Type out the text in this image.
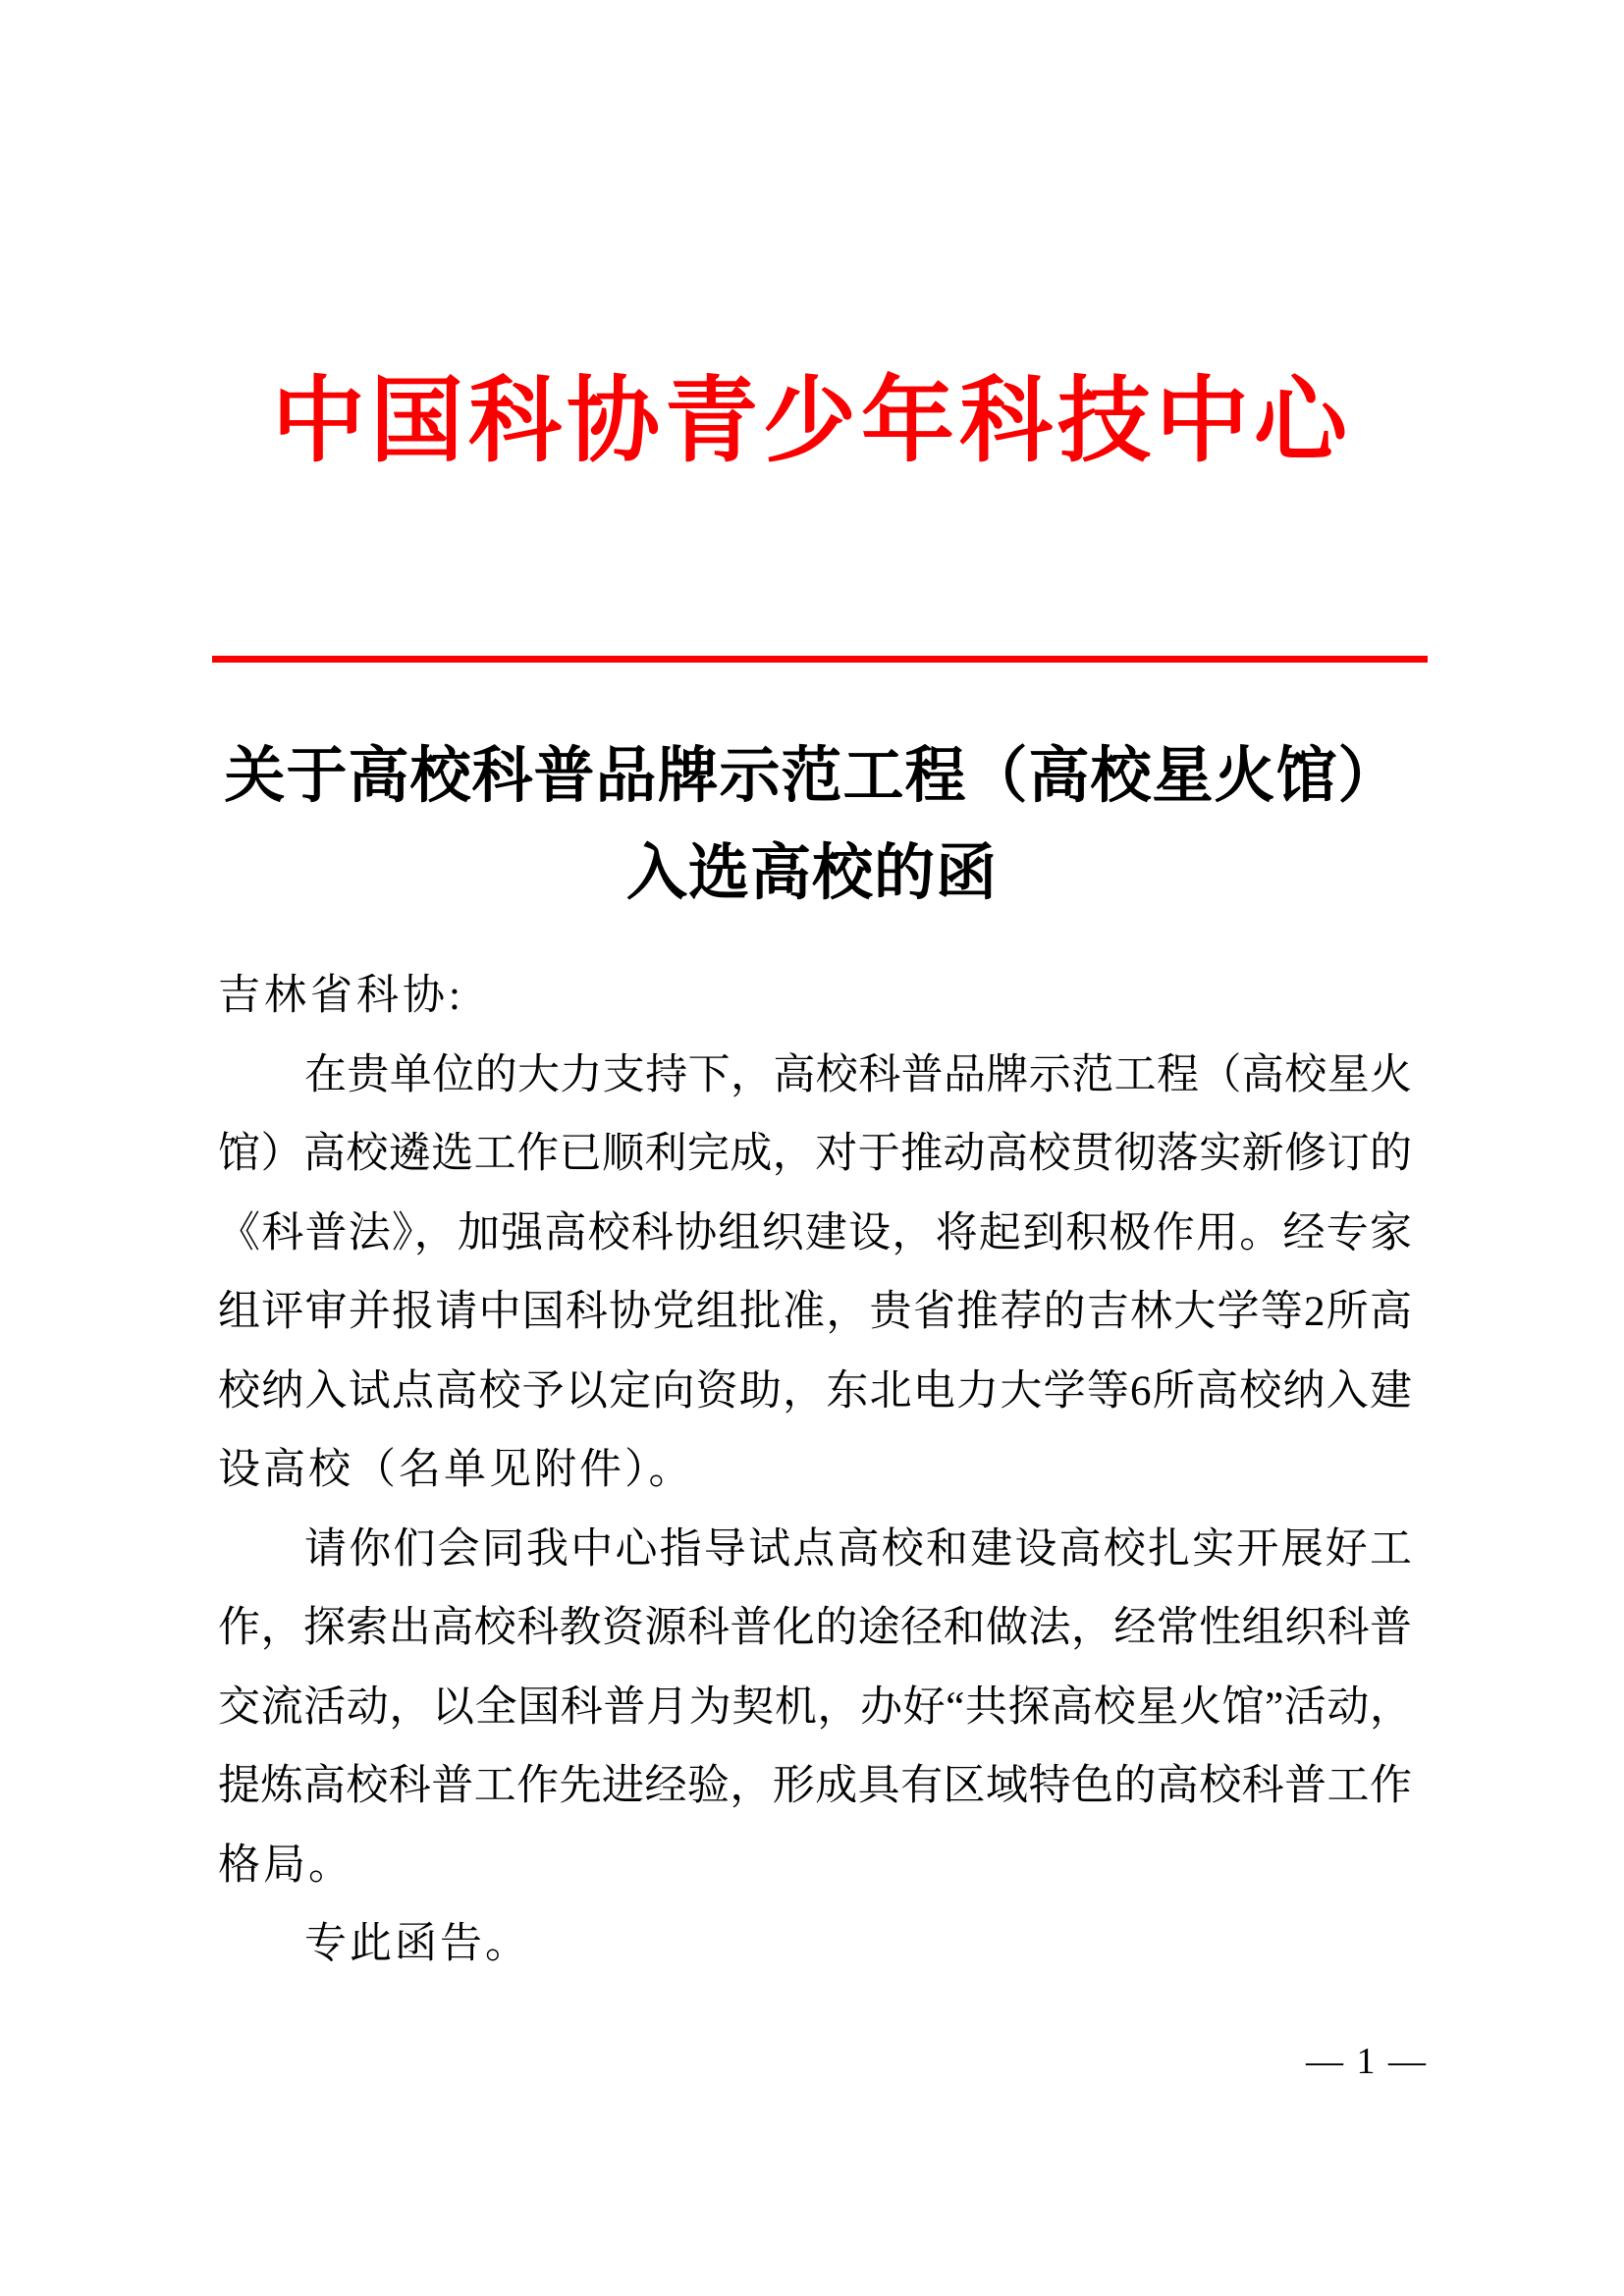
中国科协青少年科技中心
关于高校科普品牌示范工程（高校星火馆）
入选高校的函
吉林省科协:
在贵单位的大力支持下，高校科普品牌示范工程（高校星火
馆）高校遴选工作已顺利完成，对于推动高校贯彻落实新修订的
《科普法》，加强高校科协组织建设，将起到积极作用。经专家
组评审并报请中国科协党组批准，贵省推荐的吉林大学等2所高
校纳入试点高校予以定向资助，东北电力大学等6所高校纳入建
设高校（名单见附件）。
请你们会同我中心指导试点高校和建设高校扎实开展好工
作，探索出高校科教资源科普化的途径和做法，经常性组织科普
交流活动，以全国科普月为契机，办好“共探高校星火馆”活动，
提炼高校科普工作先进经验，形成具有区域特色的高校科普工作
格局。
专此函告。
— 1 —
